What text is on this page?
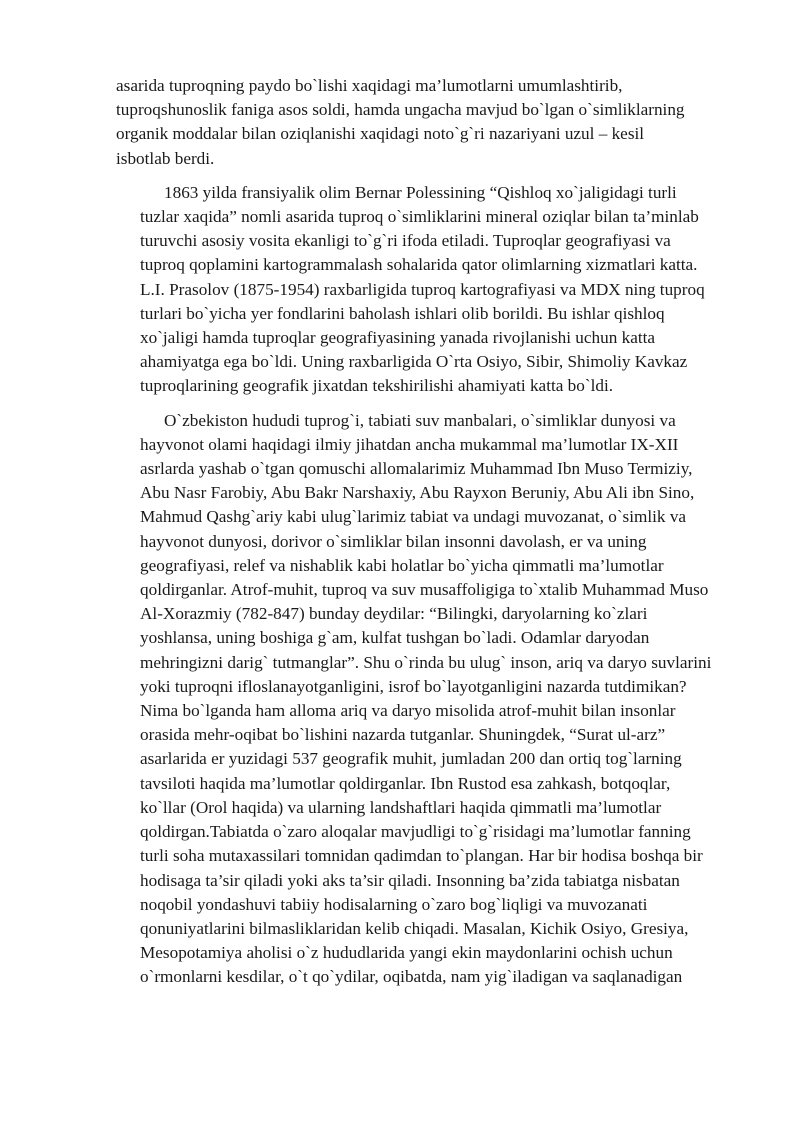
asarida tuproqning paydo bo`lishi xaqidagi ma’lumotlarni umumlashtirib,
tuproqshunoslik faniga asos soldi, hamda ungacha mavjud bo`lgan o`simliklarning
organik moddalar bilan oziqlanishi xaqidagi noto`g`ri nazariyani uzul – kesil
isbotlab berdi.

1863 yilda fransiyalik olim Bernar Polessining “Qishloq xo`jaligidagi turli
tuzlar xaqida” nomli asarida tuproq o`simliklarini mineral oziqlar bilan ta’minlab
turuvchi asosiy vosita ekanligi to`g`ri ifoda etiladi. Tuproqlar geografiyasi va
tuproq qoplamini kartogrammalash sohalarida qator olimlarning xizmatlari katta.
L.I. Prasolov (1875-1954) raxbarligida tuproq kartografiyasi va MDX ning tuproq
turlari bo`yicha yer fondlarini baholash ishlari olib borildi. Bu ishlar qishloq
xo`jaligi hamda tuproqlar geografiyasining yanada rivojlanishi uchun katta
ahamiyatga ega bo`ldi. Uning raxbarligida O`rta Osiyo, Sibir, Shimoliy Kavkaz
tuproqlarining geografik jixatdan tekshirilishi ahamiyati katta bo`ldi.

O`zbekiston hududi tuprog`i, tabiati suv manbalari, o`simliklar dunyosi va
hayvonot olami haqidagi ilmiy jihatdan ancha mukammal ma’lumotlar IX-XII
asrlarda yashab o`tgan qomuschi allomalarimiz Muhammad Ibn Muso Termiziy,
Abu Nasr Farobiy, Abu Bakr Narshaxiy, Abu Rayxon Beruniy, Abu Ali ibn Sino,
Mahmud Qashg`ariy kabi ulug`larimiz tabiat va undagi muvozanat, o`simlik va
hayvonot dunyosi, dorivor o`simliklar bilan insonni davolash, er va uning
geografiyasi, relef va nishablik kabi holatlar bo`yicha qimmatli ma’lumotlar
qoldirganlar. Atrof-muhit, tuproq va suv musaffoligiga to`xtalib Muhammad Muso
Al-Xorazmiy (782-847) bunday deydilar: “Bilingki, daryolarning ko`zlari
yoshlansa, uning boshiga g`am, kulfat tushgan bo`ladi. Odamlar daryodan
mehringizni darig` tutmanglar”. Shu o`rinda bu ulug` inson, ariq va daryo suvlarini
yoki tuproqni ifloslanayotganligini, isrof bo`layotganligini nazarda tutdimikan?
Nima bo`lganda ham alloma ariq va daryo misolida atrof-muhit bilan insonlar
orasida mehr-oqibat bo`lishini nazarda tutganlar. Shuningdek, “Surat ul-arz”
asarlarida er yuzidagi 537 geografik muhit, jumladan 200 dan ortiq tog`larning
tavsiloti haqida ma’lumotlar qoldirganlar. Ibn Rustod esa zahkash, botqoqlar,
ko`llar (Orol haqida) va ularning landshaftlari haqida qimmatli ma’lumotlar
qoldirgan.Tabiatda o`zaro aloqalar mavjudligi to`g`risidagi ma’lumotlar fanning
turli soha mutaxassilari tomnidan qadimdan to`plangan. Har bir hodisa boshqa bir
hodisaga ta’sir qiladi yoki aks ta’sir qiladi. Insonning ba’zida tabiatga nisbatan
noqobil yondashuvi tabiiy hodisalarning o`zaro bog`liqligi va muvozanati
qonuniyatlarini bilmasliklaridan kelib chiqadi. Masalan, Kichik Osiyo, Gresiya,
Mesopotamiya aholisi o`z hududlarida yangi ekin maydonlarini ochish uchun
o`rmonlarni kesdilar, o`t qo`ydilar, oqibatda, nam yig`iladigan va saqlanadigan
